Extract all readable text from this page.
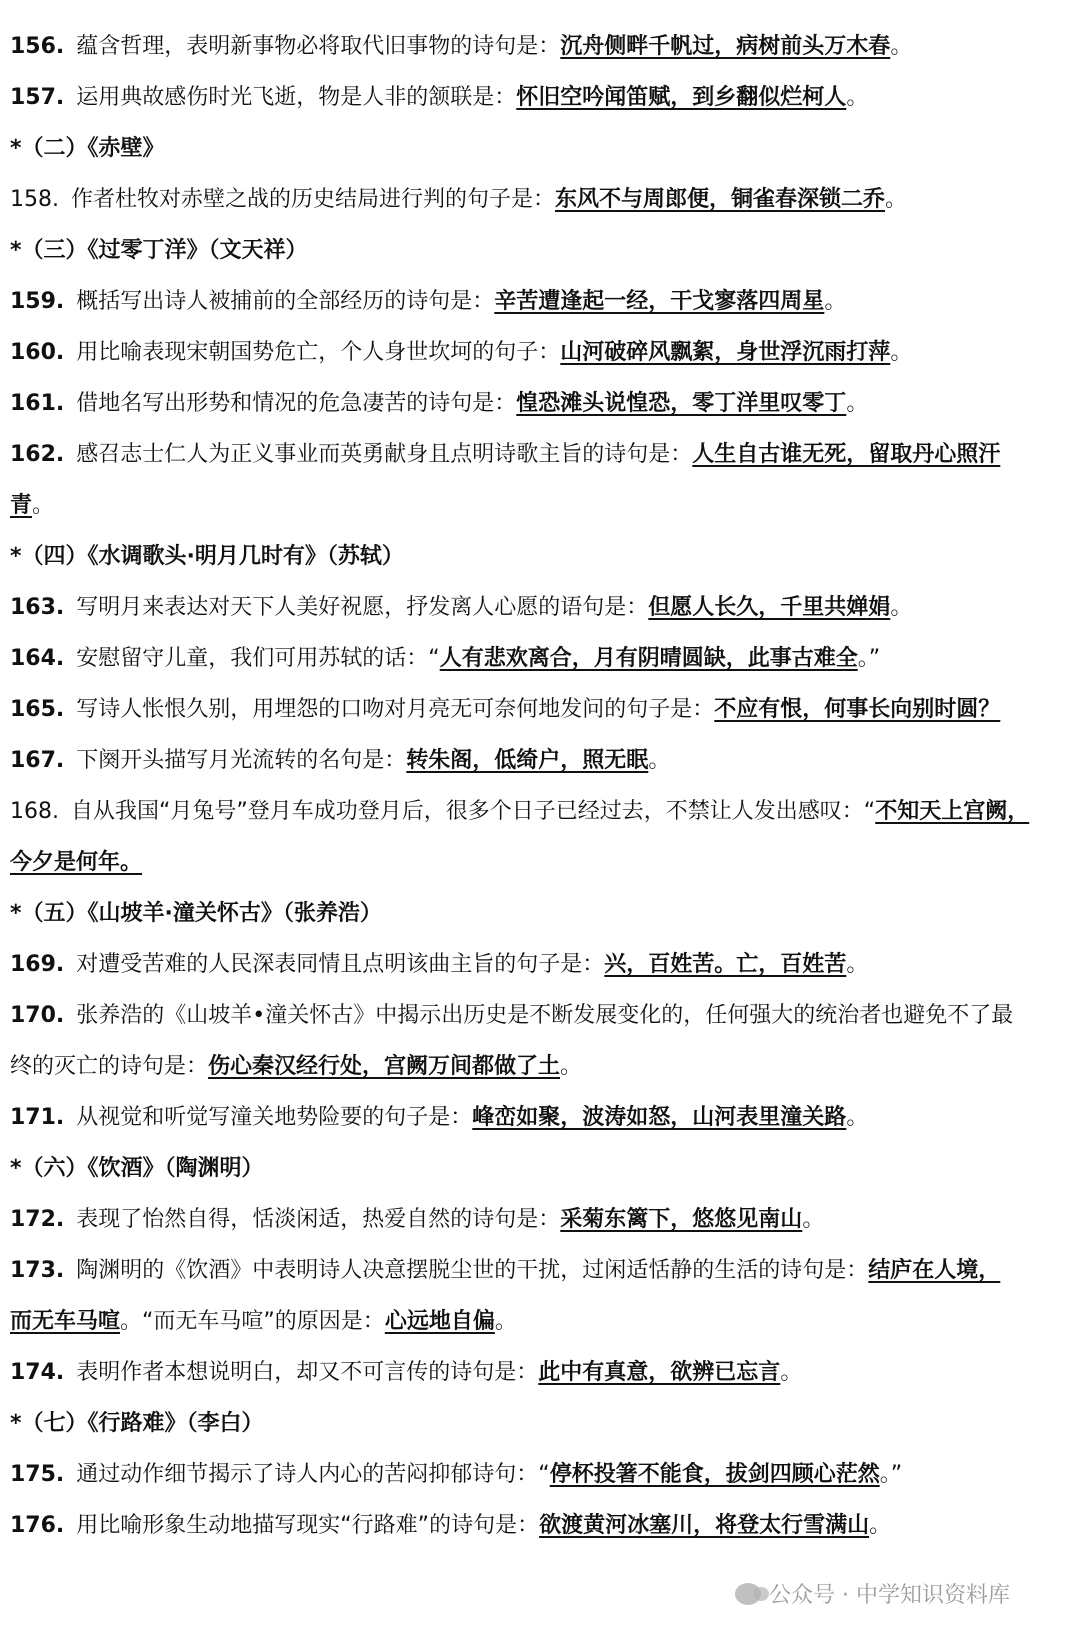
156. 蕴含哲理，表明新事物必将取代旧事物的诗句是：沉舟侧畔千帆过，病树前头万木春。
157. 运用典故感伤时光飞逝，物是人非的颔联是：怀旧空吟闻笛赋，到乡翻似烂柯人。
*（二）《赤壁》
158. 作者杜牧对赤壁之战的历史结局进行判的句子是：东风不与周郎便，铜雀春深锁二乔。
*（三）《过零丁洋》（文天祥）
159. 概括写出诗人被捕前的全部经历的诗句是：辛苦遭逢起一经，干戈寥落四周星。
160. 用比喻表现宋朝国势危亡，个人身世坎坷的句子：山河破碎风飘絮，身世浮沉雨打萍。
161. 借地名写出形势和情况的危急凄苦的诗句是：惶恐滩头说惶恐，零丁洋里叹零丁。
162. 感召志士仁人为正义事业而英勇献身且点明诗歌主旨的诗句是：人生自古谁无死，留取丹心照汗
青。
*（四）《水调歌头·明月几时有》（苏轼）
163. 写明月来表达对天下人美好祝愿，抒发离人心愿的语句是：但愿人长久，千里共婵娟。
164. 安慰留守儿童，我们可用苏轼的话：“人有悲欢离合，月有阴晴圆缺，此事古难全。”
165. 写诗人怅恨久别，用埋怨的口吻对月亮无可奈何地发问的句子是：不应有恨，何事长向别时圆？
167. 下阕开头描写月光流转的名句是：转朱阁，低绮户，照无眠。
168. 自从我国“月兔号”登月车成功登月后，很多个日子已经过去，不禁让人发出感叹：“不知天上宫阙，
今夕是何年。
*（五）《山坡羊·潼关怀古》（张养浩）
169. 对遭受苦难的人民深表同情且点明该曲主旨的句子是：兴，百姓苦。亡，百姓苦。
170. 张养浩的《山坡羊•潼关怀古》中揭示出历史是不断发展变化的，任何强大的统治者也避免不了最
终的灭亡的诗句是：伤心秦汉经行处，宫阙万间都做了土。
171. 从视觉和听觉写潼关地势险要的句子是：峰峦如聚，波涛如怒，山河表里潼关路。
*（六）《饮酒》（陶渊明）
172. 表现了怡然自得，恬淡闲适，热爱自然的诗句是：采菊东篱下，悠悠见南山。
173. 陶渊明的《饮酒》中表明诗人决意摆脱尘世的干扰，过闲适恬静的生活的诗句是：结庐在人境，
而无车马喧。“而无车马喧”的原因是：心远地自偏。
174. 表明作者本想说明白，却又不可言传的诗句是：此中有真意，欲辨已忘言。
*（七）《行路难》（李白）
175. 通过动作细节揭示了诗人内心的苦闷抑郁诗句：“停杯投箸不能食，拔剑四顾心茫然。”
176. 用比喻形象生动地描写现实“行路难”的诗句是：欲渡黄河冰塞川，将登太行雪满山。
公众号 · 中学知识资料库
